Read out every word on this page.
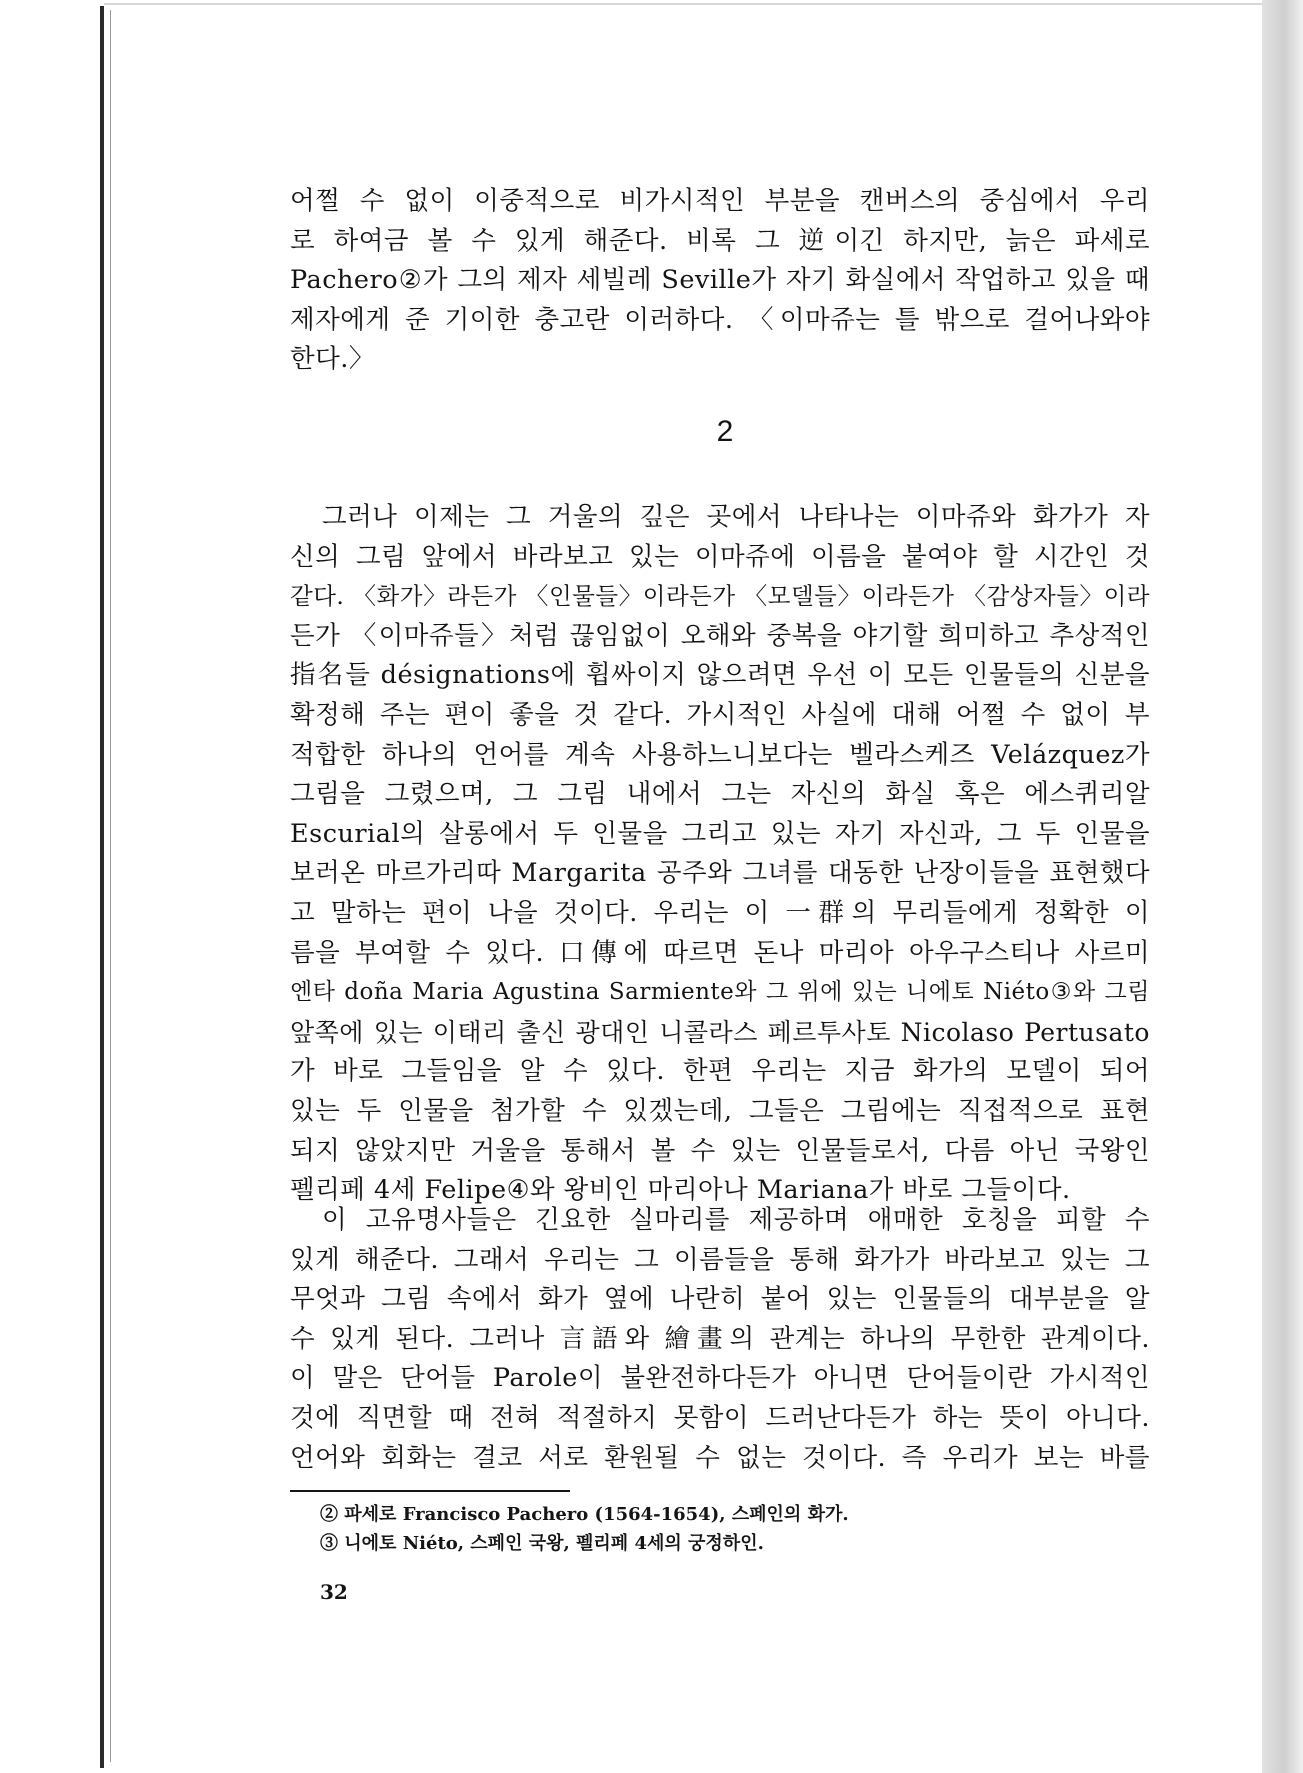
어쩔 수 없이 이중적으로 비가시적인 부분을 캔버스의 중심에서 우리
로 하여금 볼 수 있게 해준다. 비록 그 逆이긴 하지만, 늙은 파세로
Pachero②가 그의 제자 세빌레 Seville가 자기 화실에서 작업하고 있을 때
제자에게 준 기이한 충고란 이러하다. 〈이마쥬는 틀 밖으로 걸어나와야
한다.〉
2
그러나 이제는 그 거울의 깊은 곳에서 나타나는 이마쥬와 화가가 자
신의 그림 앞에서 바라보고 있는 이마쥬에 이름을 붙여야 할 시간인 것
같다. 〈화가〉라든가 〈인물들〉이라든가 〈모델들〉이라든가 〈감상자들〉이라
든가 〈이마쥬들〉처럼 끊임없이 오해와 중복을 야기할 희미하고 추상적인
指名들 désignations에 휩싸이지 않으려면 우선 이 모든 인물들의 신분을
확정해 주는 편이 좋을 것 같다. 가시적인 사실에 대해 어쩔 수 없이 부
적합한 하나의 언어를 계속 사용하느니보다는 벨라스케즈 Velázquez가
그림을 그렸으며, 그 그림 내에서 그는 자신의 화실 혹은 에스퀴리알
Escurial의 살롱에서 두 인물을 그리고 있는 자기 자신과, 그 두 인물을
보러온 마르가리따 Margarita 공주와 그녀를 대동한 난장이들을 표현했다
고 말하는 편이 나을 것이다. 우리는 이 一群의 무리들에게 정확한 이
름을 부여할 수 있다. 口傳에 따르면 돈나 마리아 아우구스티나 사르미
엔타 doña Maria Agustina Sarmiente와 그 위에 있는 니에토 Niéto③와 그림
앞쪽에 있는 이태리 출신 광대인 니콜라스 페르투사토 Nicolaso Pertusato
가 바로 그들임을 알 수 있다. 한편 우리는 지금 화가의 모델이 되어
있는 두 인물을 첨가할 수 있겠는데, 그들은 그림에는 직접적으로 표현
되지 않았지만 거울을 통해서 볼 수 있는 인물들로서, 다름 아닌 국왕인
펠리페 4세 Felipe④와 왕비인 마리아나 Mariana가 바로 그들이다.
이 고유명사들은 긴요한 실마리를 제공하며 애매한 호칭을 피할 수
있게 해준다. 그래서 우리는 그 이름들을 통해 화가가 바라보고 있는 그
무엇과 그림 속에서 화가 옆에 나란히 붙어 있는 인물들의 대부분을 알
수 있게 된다. 그러나 言語와 繪畫의 관계는 하나의 무한한 관계이다.
이 말은 단어들 Parole이 불완전하다든가 아니면 단어들이란 가시적인
것에 직면할 때 전혀 적절하지 못함이 드러난다든가 하는 뜻이 아니다.
언어와 회화는 결코 서로 환원될 수 없는 것이다. 즉 우리가 보는 바를
② 파세로 Francisco Pachero (1564-1654), 스페인의 화가.
③ 니에토 Niéto, 스페인 국왕, 펠리페 4세의 궁정하인.
32
